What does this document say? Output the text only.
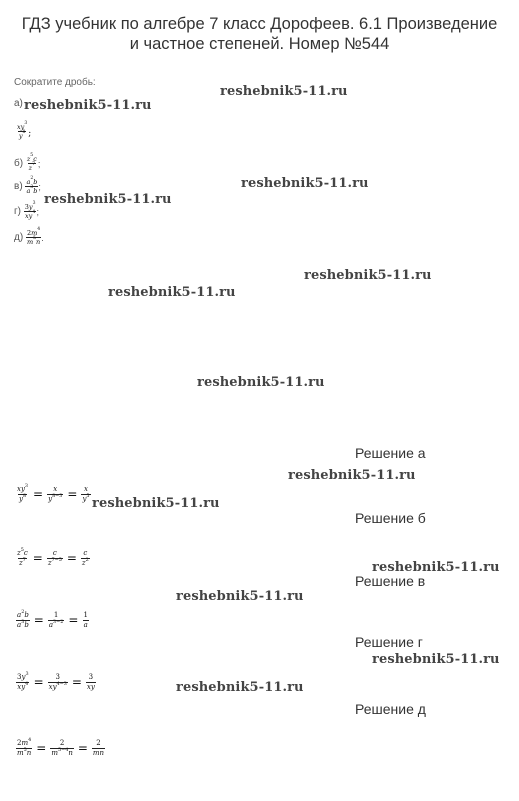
ГДЗ учебник по алгебре 7 класс Дорофеев. 6.1 Произведение
и частное степеней. Номер №544
Сократите дробь:
а)
$\frac{xy^3}{y^8}$ ;
б)
$\frac{z^5c}{z^7}$ ;
в)
$\frac{a^2b}{a^3b}$ ;
г)
$\frac{3y^3}{xy^4}$ ;
д)
$\frac{2m^4}{m^5n}$ .
Решение а
$\frac{xy^3}{y^8} = \frac{x}{y^{8-3}} = \frac{x}{y^5}$
Решение б
$\frac{z^5c}{z^7} = \frac{c}{z^{7-5}} = \frac{c}{z^2}$
Решение в
$\frac{a^2b}{a^3b} = \frac{1}{a^{3-2}} = \frac{1}{a}$
Решение г
$\frac{3y^3}{xy^4} = \frac{3}{xy^{4-3}} = \frac{3}{xy}$
Решение д
$\frac{2m^4}{m^5n} = \frac{2}{m^{5-4}n} = \frac{2}{mn}$
reshebnik5-11.ru
reshebnik5-11.ru
reshebnik5-11.ru
reshebnik5-11.ru
reshebnik5-11.ru
reshebnik5-11.ru
reshebnik5-11.ru
reshebnik5-11.ru
reshebnik5-11.ru
reshebnik5-11.ru
reshebnik5-11.ru
reshebnik5-11.ru
reshebnik5-11.ru
